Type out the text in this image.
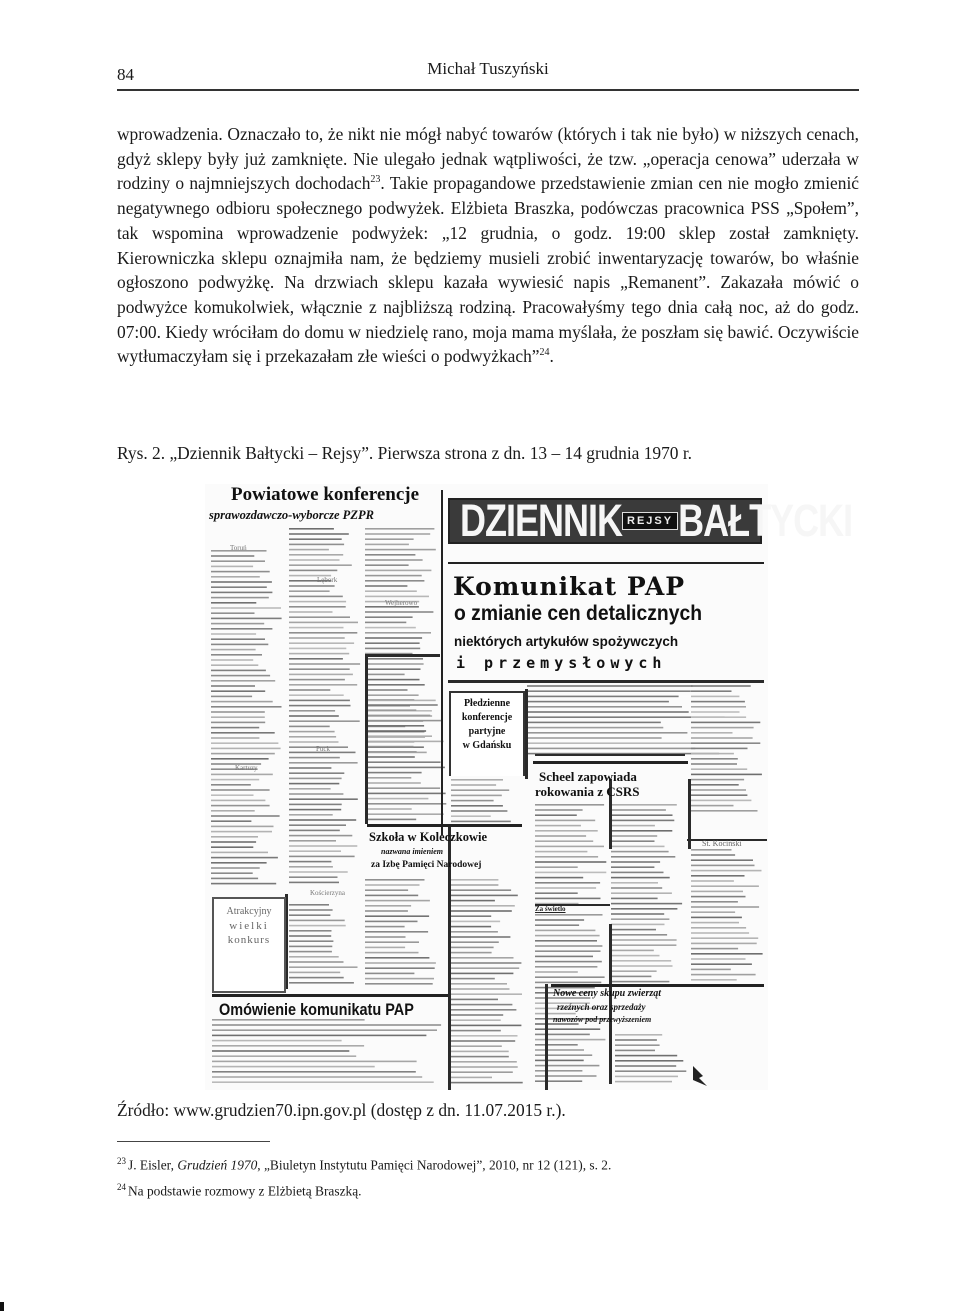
84	Michał Tuszyński

wprowadzenia. Oznaczało to, że nikt nie mógł nabyć towarów (których i tak nie było) w niższych cenach, gdyż sklepy były już zamknięte. Nie ulegało jednak wątpliwości, że tzw. „operacja cenowa” uderzała w rodziny o najmniejszych dochodach$^{23}$. Takie propagandowe przedstawienie zmian cen nie mogło zmienić negatywnego odbioru społecznego podwyżek. Elżbieta Braszka, podówczas pracownica PSS „Społem”, tak wspomina wprowadzenie podwyżek: „12 grudnia, o godz. 19:00 sklep został zamknięty. Kierowniczka sklepu oznajmiła nam, że będziemy musieli zrobić inwentaryzację towarów, bo właśnie ogłoszono podwyżkę. Na drzwiach sklepu kazała wywiesić napis „Remanent”. Zakazała mówić o podwyżce komukolwiek, włącznie z najbliższą rodziną. Pracowałyśmy tego dnia całą noc, aż do godz. 07:00. Kiedy wróciłam do domu w niedzielę rano, moja mama myślała, że poszłam się bawić. Oczywiście wytłumaczyłam się i przekazałam złe wieści o podwyżkach”$^{24}$.

Rys. 2. „Dziennik Bałtycki – Rejsy”. Pierwsza strona z dn. 13 – 14 grudnia 1970 r.
Powiatowe konferencje
sprawozdawczo-wyborcze PZPR DZIENNIK REJSY BAŁTYCKI
Komunikat PAP
o zmianie cen detalicznych
niektórych artykułów spożywczych
i przemysłowych
Płedzienne
konferencje
partyjne
w Gdańsku
Scheel zapowiada
rokowania z CSRS
Szkoła w Koleczkowie
nazwana imieniem
za Izbę Pamięci Narodowej
Atrakcyjny
wielki
konkurs
Omówienie komunikatu PAP
Nowe ceny skupu zwierząt
rzeźnych oraz sprzedaży
nawozów pod przewyższeniem
Toruń
Lębork
Wejherowo
Puck
Kartuzy
Kościerzyna
St. Kociński
Za świetlo
Źródło: www.grudzien70.ipn.gov.pl (dostęp z dn. 11.07.2015 r.).

$^{23}$ J. Eisler, Grudzień 1970, „Biuletyn Instytutu Pamięci Narodowej”, 2010, nr 12 (121), s. 2.

$^{24}$ Na podstawie rozmowy z Elżbietą Braszką.
